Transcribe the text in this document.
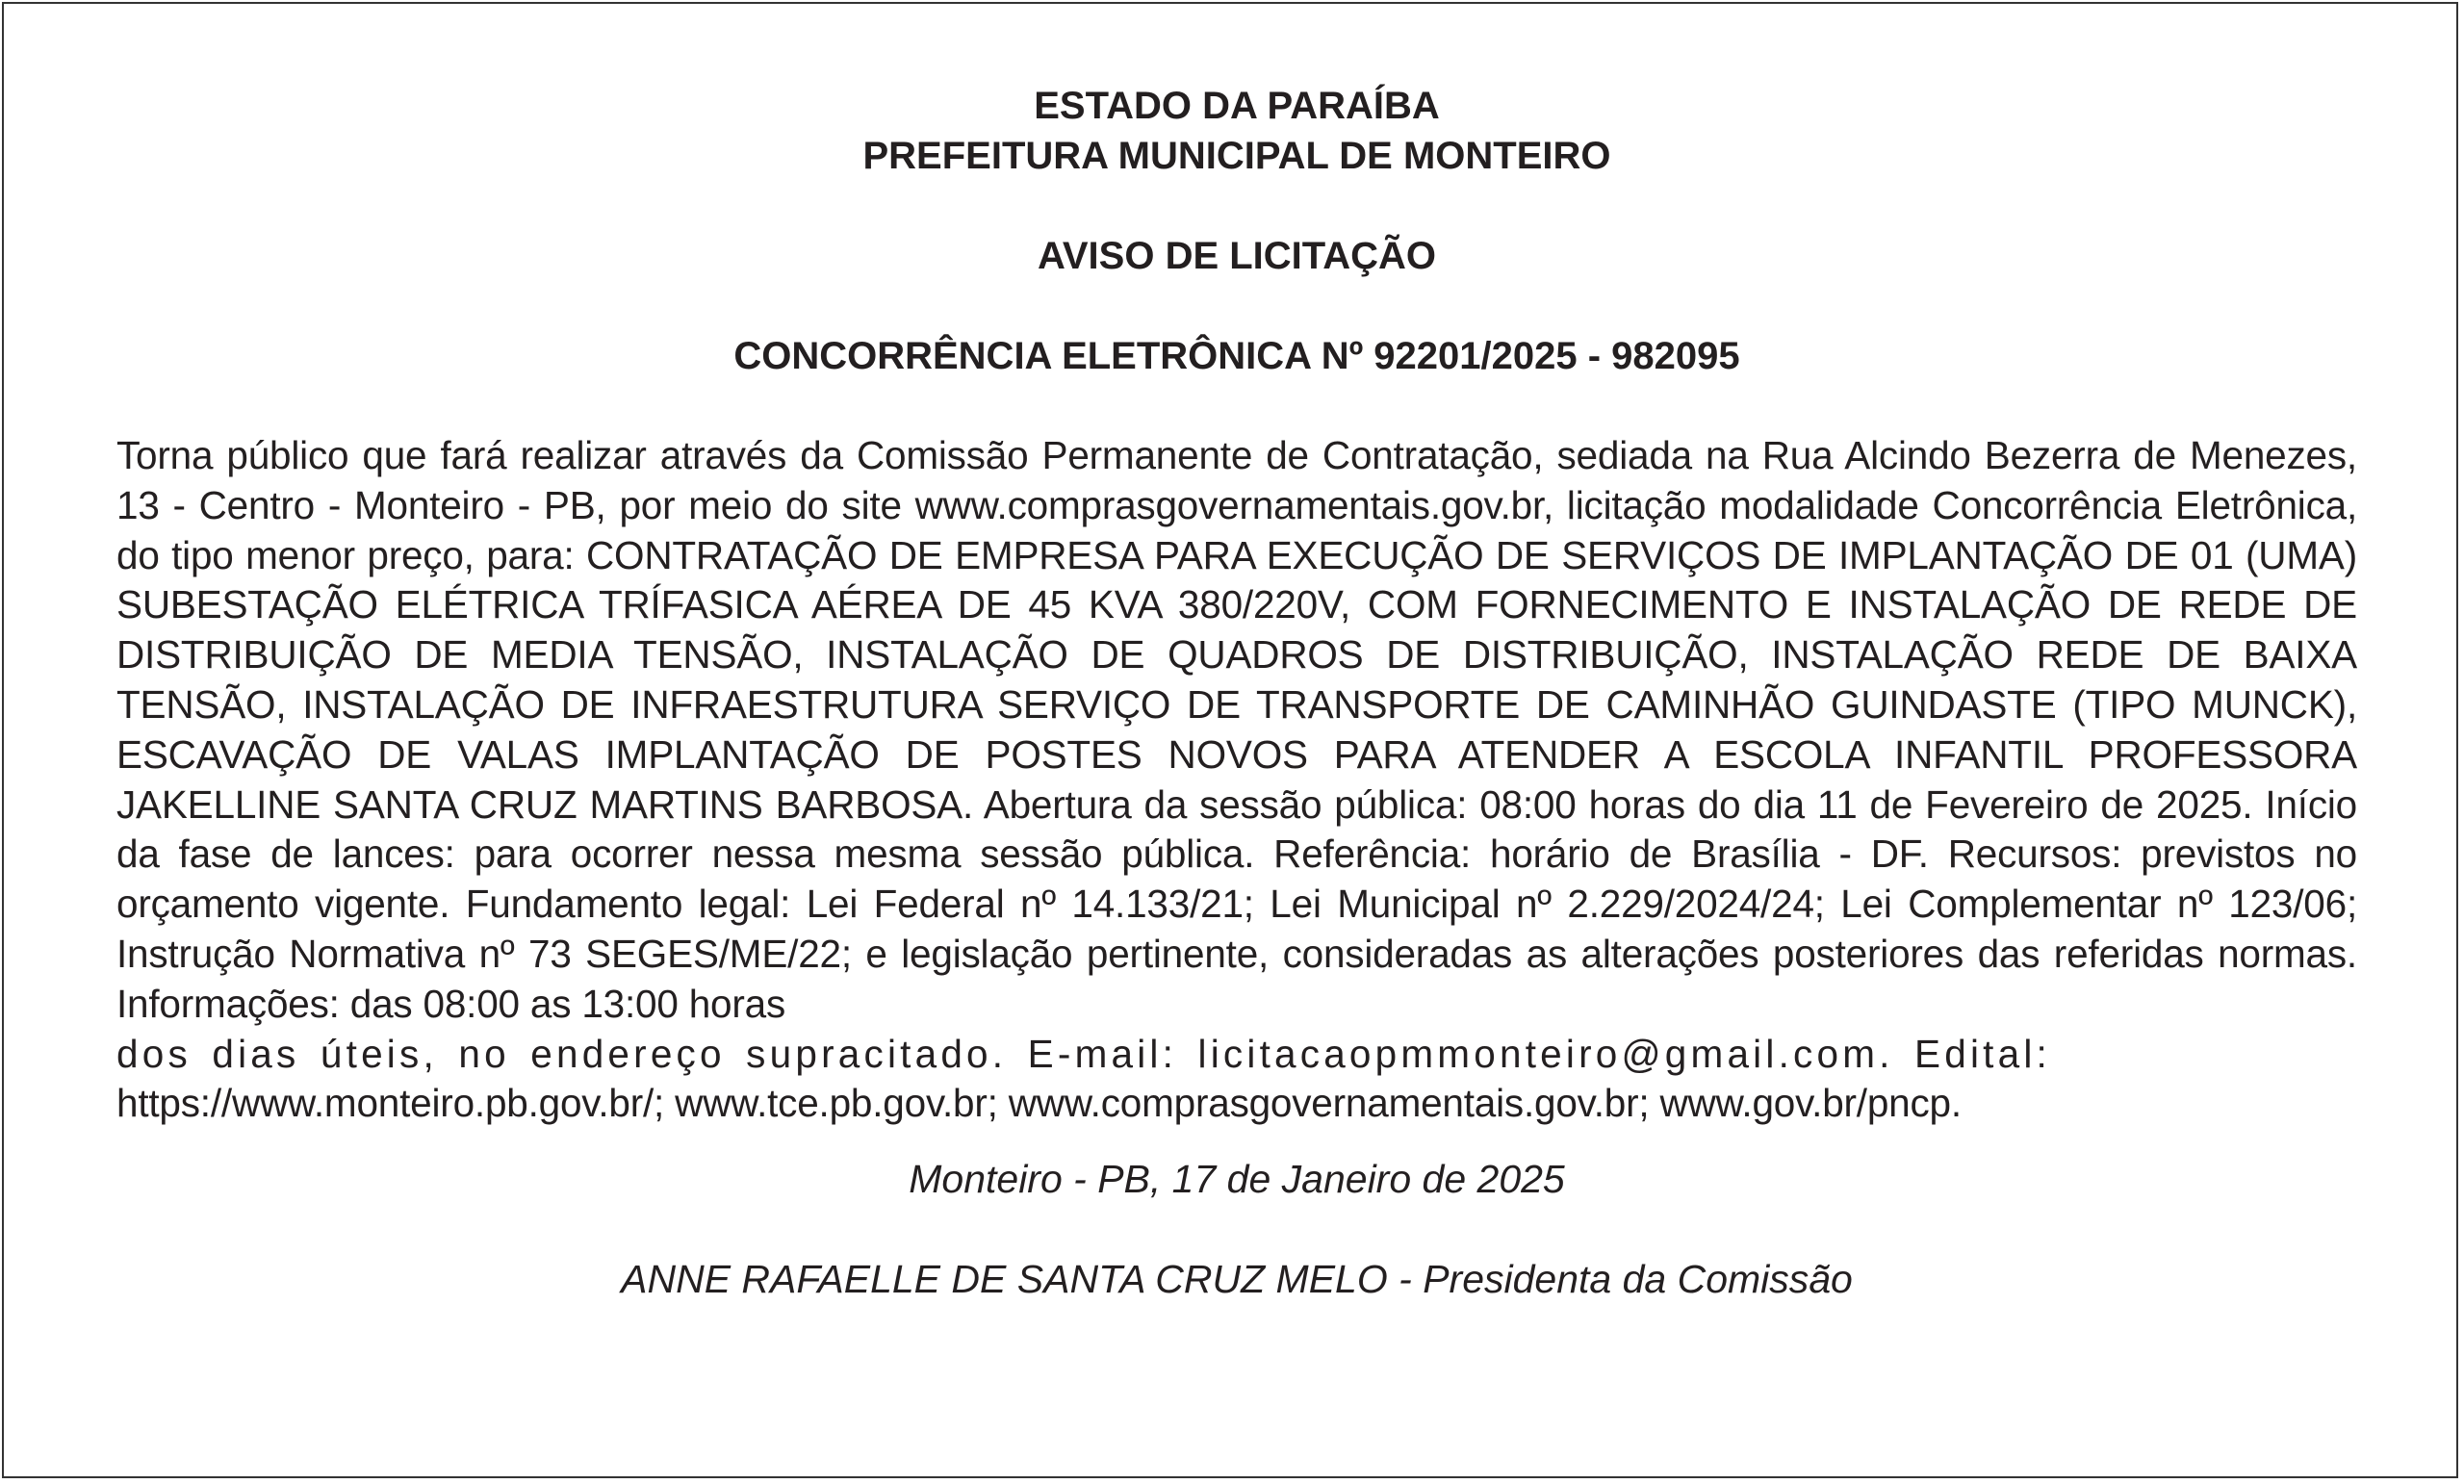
ESTADO DA PARAÍBA
PREFEITURA MUNICIPAL DE MONTEIRO

AVISO DE LICITAÇÃO

CONCORRÊNCIA ELETRÔNICA Nº 92201/2025 - 982095

Torna público que fará realizar através da Comissão Permanente de Contratação, sediada na Rua Alcindo Bezerra de Menezes, 13 - Centro - Monteiro - PB, por meio do site www.comprasgovernamentais.gov.br, licitação modalidade Concorrência Eletrônica, do tipo menor preço, para: CONTRATAÇÃO DE EMPRESA PARA EXECUÇÃO DE SERVIÇOS DE IMPLANTAÇÃO DE 01 (UMA) SUBESTAÇÃO ELÉTRICA TRÍFASICA AÉREA DE 45 KVA 380/220V, COM FORNECIMENTO E INSTALAÇÃO DE REDE DE DISTRIBUIÇÃO DE MEDIA TENSÃO, INSTALAÇÃO DE QUADROS DE DISTRIBUIÇÃO, INSTALAÇÃO REDE DE BAIXA TENSÃO, INSTALAÇÃO DE INFRAESTRUTURA SERVIÇO DE TRANSPORTE DE CAMINHÃO GUINDASTE (TIPO MUNCK), ESCAVAÇÃO DE VALAS IMPLANTAÇÃO DE POSTES NOVOS PARA ATENDER A ESCOLA INFANTIL PROFESSORA JAKELLINE SANTA CRUZ MARTINS BARBOSA. Abertura da sessão pública: 08:00 horas do dia 11 de Fevereiro de 2025. Início da fase de lances: para ocorrer nessa mesma sessão pública. Referência: horário de Brasília - DF. Recursos: previstos no orçamento vigente. Fundamento legal: Lei Federal nº 14.133/21; Lei Municipal nº 2.229/2024/24; Lei Complementar nº 123/06; Instrução Normativa nº 73 SEGES/ME/22; e legislação pertinente, consideradas as alterações posteriores das referidas normas. Informações: das 08:00 as 13:00 horas
dos dias úteis, no endereço supracitado. E-mail: licitacaopmmonteiro@gmail.com. Edital:
https://www.monteiro.pb.gov.br/; www.tce.pb.gov.br; www.comprasgovernamentais.gov.br; www.gov.br/pncp.

Monteiro - PB, 17 de Janeiro de 2025

ANNE RAFAELLE DE SANTA CRUZ MELO - Presidenta da Comissão
